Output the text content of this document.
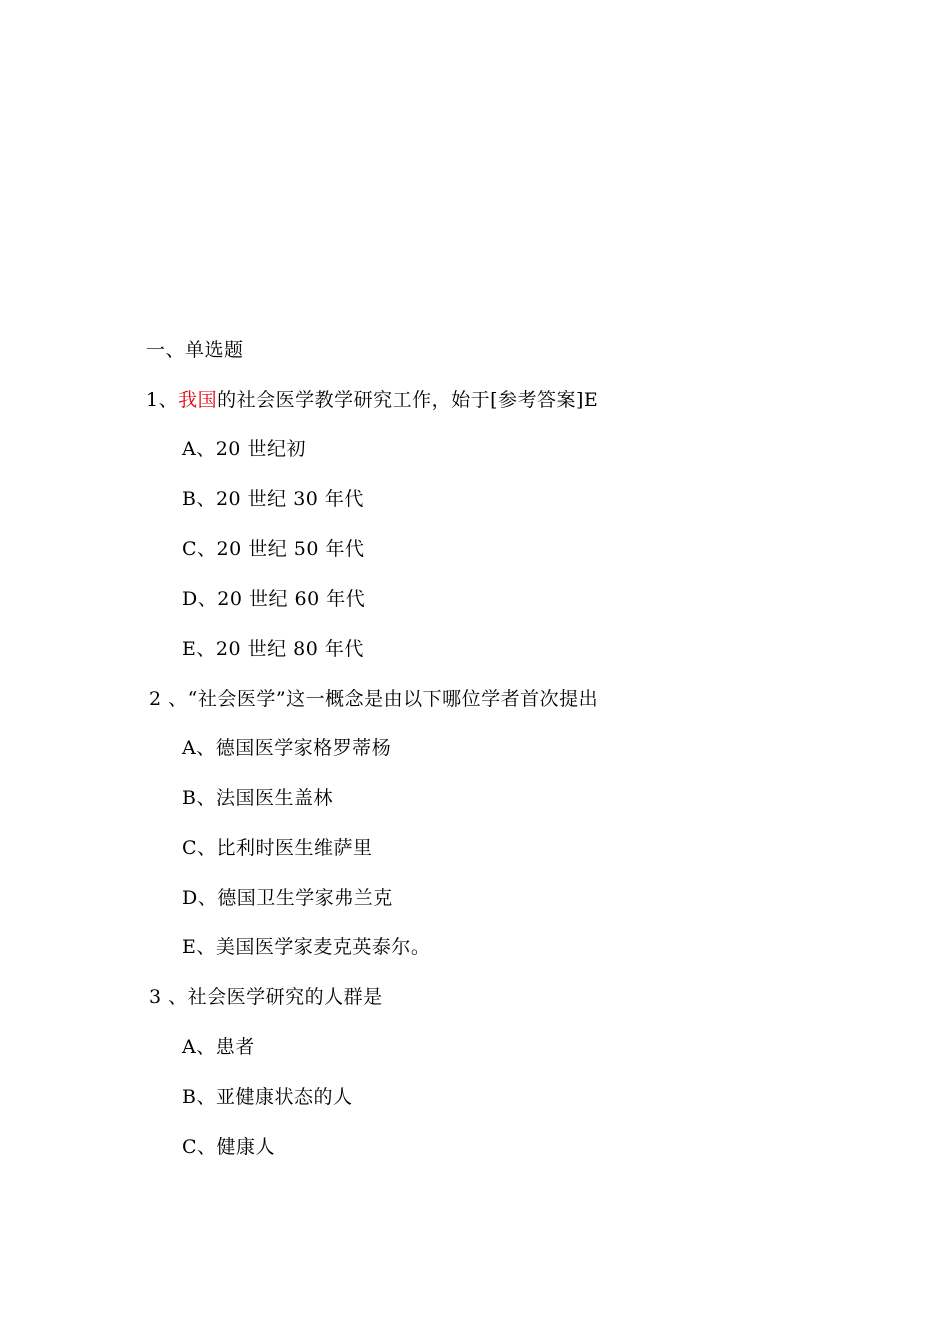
一、单选题
1、我国的社会医学教学研究工作，始于[参考答案]E
A、20 世纪初
B、20 世纪 30 年代
C、20 世纪 50 年代
D、20 世纪 60 年代
E、20 世纪 80 年代
2 、“社会医学”这一概念是由以下哪位学者首次提出
A、德国医学家格罗蒂杨
B、法国医生盖林
C、比利时医生维萨里
D、德国卫生学家弗兰克
E、美国医学家麦克英泰尔。
3 、社会医学研究的人群是
A、患者
B、亚健康状态的人
C、健康人
